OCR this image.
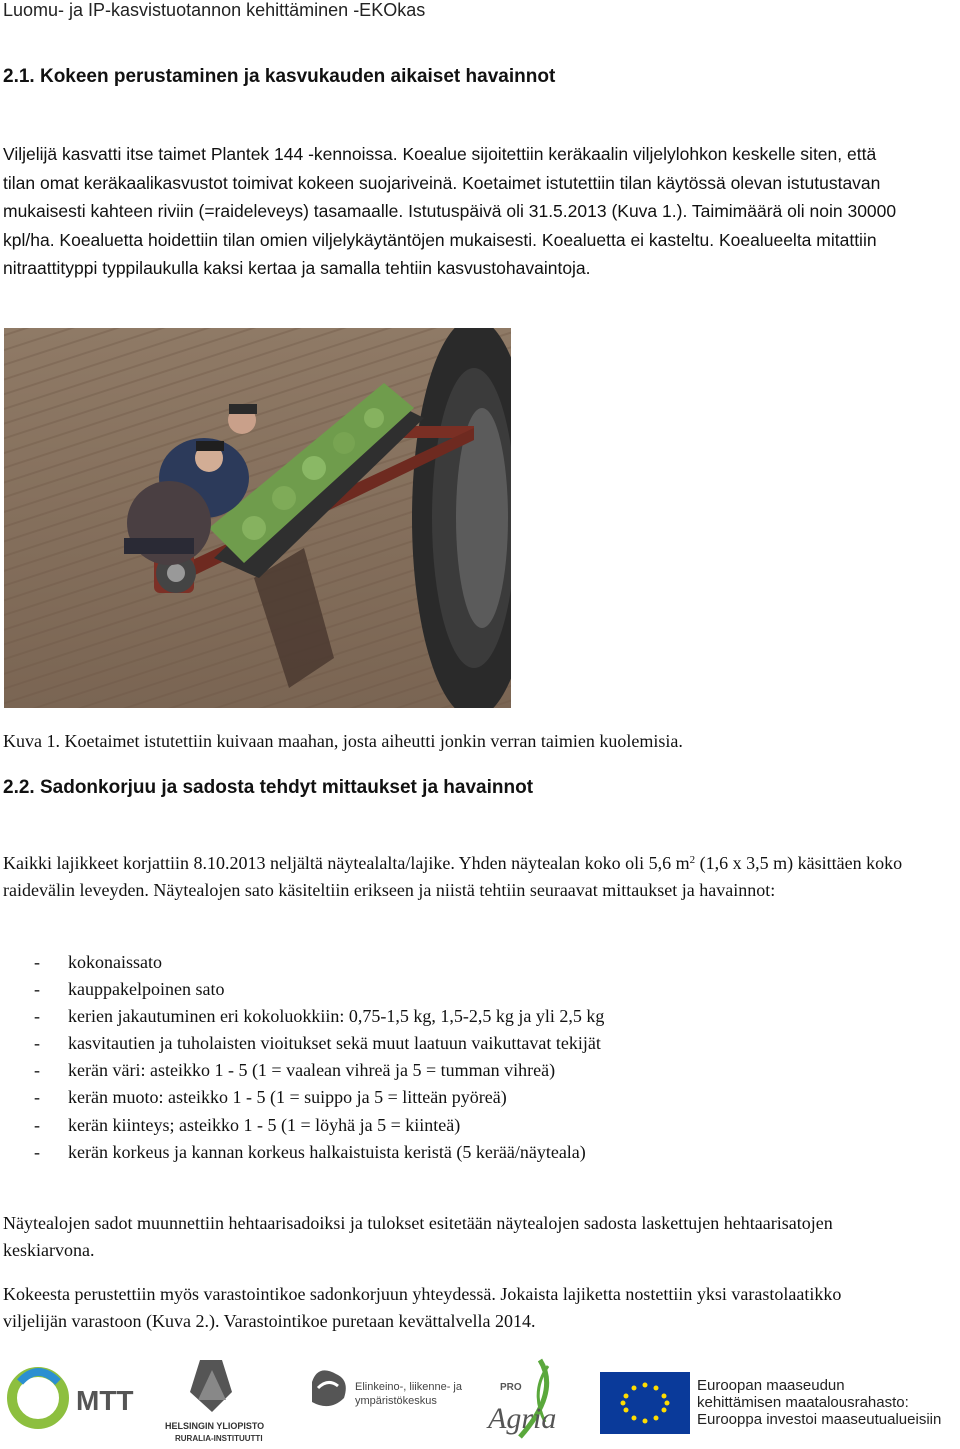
Luomu- ja IP-kasvistuotannon kehittäminen -EKOkas
2.1. Kokeen perustaminen ja kasvukauden aikaiset havainnot
Viljelijä kasvatti itse taimet Plantek 144 -kennoissa. Koealue sijoitettiin keräkaalin viljelylohkon keskelle siten, että tilan omat keräkaalikasvustot toimivat kokeen suojariveinä. Koetaimet istutettiin tilan käytössä olevan istutustavan mukaisesti kahteen riviin (=raideleveys) tasamaalle. Istutuspäivä oli 31.5.2013 (Kuva 1.). Taimimäärä oli noin 30000 kpl/ha. Koealuetta hoidettiin tilan omien viljelykäytäntöjen mukaisesti. Koealuetta ei kasteltu. Koealueelta mitattiin nitraattityppi typpilaukulla kaksi kertaa ja samalla tehtiin kasvustohavaintoja.
Kuva 1. Koetaimet istutettiin kuivaan maahan, josta aiheutti jonkin verran taimien kuolemisia.
2.2. Sadonkorjuu ja sadosta tehdyt mittaukset ja havainnot
Kaikki lajikkeet korjattiin 8.10.2013 neljältä näytealalta/lajike. Yhden näytealan koko oli 5,6 $m^2$ (1,6 x 3,5 m) käsittäen koko raidevälin leveyden. Näytealojen sato käsiteltiin erikseen ja niistä tehtiin seuraavat mittaukset ja havainnot:
- kokonaissato
- kauppakelpoinen sato
- kerien jakautuminen eri kokoluokkiin: 0,75-1,5 kg, 1,5-2,5 kg ja yli 2,5 kg
- kasvitautien ja tuholaisten vioitukset sekä muut laatuun vaikuttavat tekijät
- kerän väri: asteikko 1 - 5 (1 = vaalean vihreä ja 5 = tumman vihreä)
- kerän muoto: asteikko 1 - 5 (1 = suippo ja 5 = litteän pyöreä)
- kerän kiinteys; asteikko 1 - 5 (1 = löyhä ja 5 = kiinteä)
- kerän korkeus ja kannan korkeus halkaistuista keristä (5 kerää/näyteala)
Näytealojen sadot muunnettiin hehtaarisadoiksi ja tulokset esitetään näytealojen sadosta laskettujen hehtaarisatojen keskiarvona.
Kokeesta perustettiin myös varastointikoe sadonkorjuun yhteydessä. Jokaista lajiketta nostettiin yksi varastolaatikko viljelijän varastoon (Kuva 2.). Varastointikoe puretaan kevättalvella 2014.
MTT
HELSINGIN YLIOPISTO
RURALIA-INSTITUUTTI
Elinkeino-, liikenne- ja
ympäristökeskus
PRO
Agria
Euroopan maaseudun
kehittämisen maatalousrahasto:
Eurooppa investoi maaseutualueisiin
